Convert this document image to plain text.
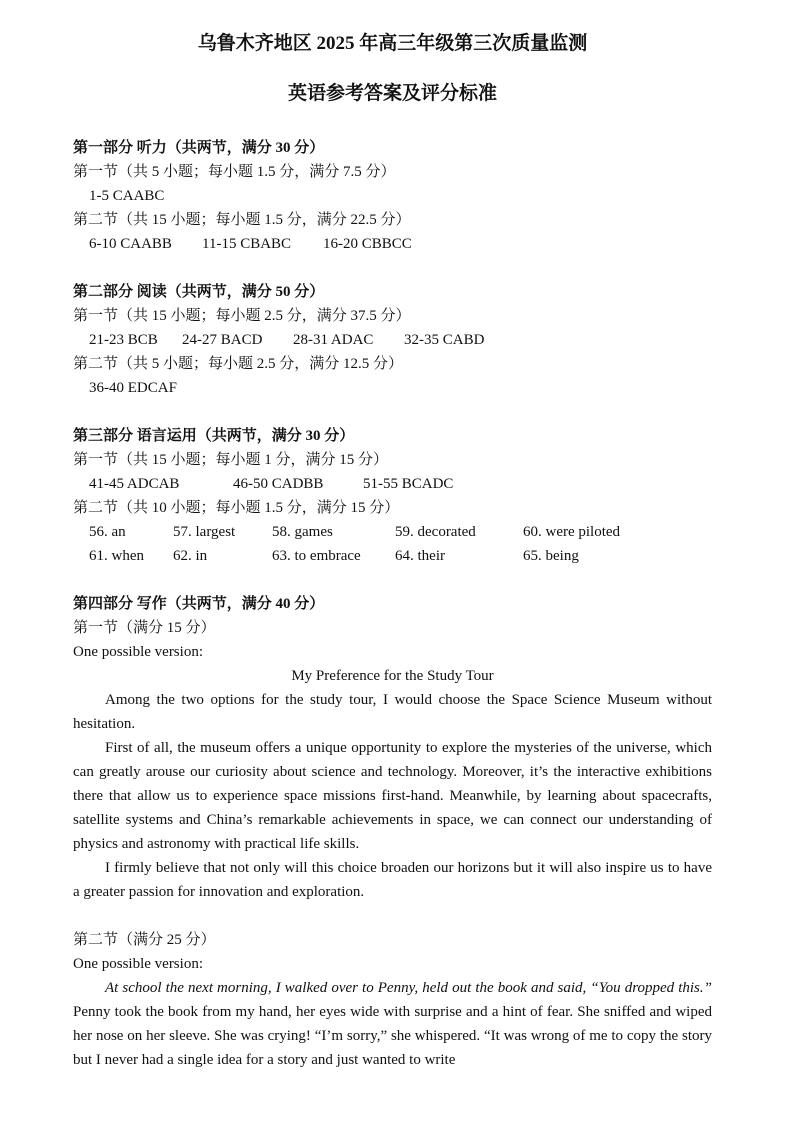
乌鲁木齐地区 2025 年高三年级第三次质量监测
英语参考答案及评分标准

第一部分 听力（共两节，满分 30 分）

第一节（共 5 小题；每小题 1.5 分，满分 7.5 分）

1-5 CAABC

第二节（共 15 小题；每小题 1.5 分，满分 22.5 分）

6-10 CAABB 11-15 CBABC 16-20 CBBCC

第二部分 阅读（共两节，满分 50 分）

第一节（共 15 小题；每小题 2.5 分，满分 37.5 分）

21-23 BCB 24-27 BACD 28-31 ADAC 32-35 CABD

第二节（共 5 小题；每小题 2.5 分，满分 12.5 分）

36-40 EDCAF

第三部分 语言运用（共两节，满分 30 分）

第一节（共 15 小题；每小题 1 分，满分 15 分）

41-45 ADCAB	46-50 CADBB	51-55 BCADC

第二节（共 10 小题；每小题 1.5 分，满分 15 分）

56. an	57. largest	58. games	59. decorated	60. were piloted
61. when	62. in	63. to embrace	64. their	65. being

第四部分 写作（共两节，满分 40 分）

第一节（满分 15 分）

One possible version:

My Preference for the Study Tour

Among the two options for the study tour, I would choose the Space Science Museum without hesitation.

First of all, the museum offers a unique opportunity to explore the mysteries of the universe, which can greatly arouse our curiosity about science and technology. Moreover, it’s the interactive exhibitions there that allow us to experience space missions first-hand. Meanwhile, by learning about spacecrafts, satellite systems and China’s remarkable achievements in space, we can connect our understanding of physics and astronomy with practical life skills.

I firmly believe that not only will this choice broaden our horizons but it will also inspire us to have a greater passion for innovation and exploration.

第二节（满分 25 分）

One possible version:

At school the next morning, I walked over to Penny, held out the book and said, “You dropped this.” Penny took the book from my hand, her eyes wide with surprise and a hint of fear. She sniffed and wiped her nose on her sleeve. She was crying! “I’m sorry,” she whispered. “It was wrong of me to copy the story but I never had a single idea for a story and just wanted to write
